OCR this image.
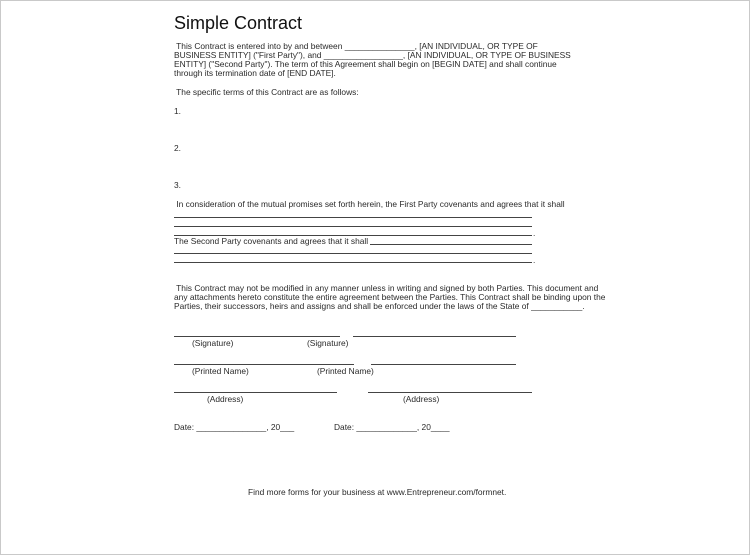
Simple Contract
This Contract is entered into by and between _______________, [AN INDIVIDUAL, OR TYPE OF
BUSINESS ENTITY] ("First Party"), and _________________, [AN INDIVIDUAL, OR TYPE OF BUSINESS
ENTITY] ("Second Party"). The term of this Agreement shall begin on [BEGIN DATE] and shall continue
through its termination date of [END DATE].
The specific terms of this Contract are as follows:
1.
2.
3.
In consideration of the mutual promises set forth herein, the First Party covenants and agrees that it shall
.
The Second Party covenants and agrees that it shall
.
This Contract may not be modified in any manner unless in writing and signed by both Parties. This document and
any attachments hereto constitute the entire agreement between the Parties. This Contract shall be binding upon the
Parties, their successors, heirs and assigns and shall be enforced under the laws of the State of ___________.
(Signature)	(Signature)
(Printed Name)	(Printed Name)
(Address)	(Address)
Date: _______________, 20___	Date: _____________, 20____
Find more forms for your business at www.Entrepreneur.com/formnet.
